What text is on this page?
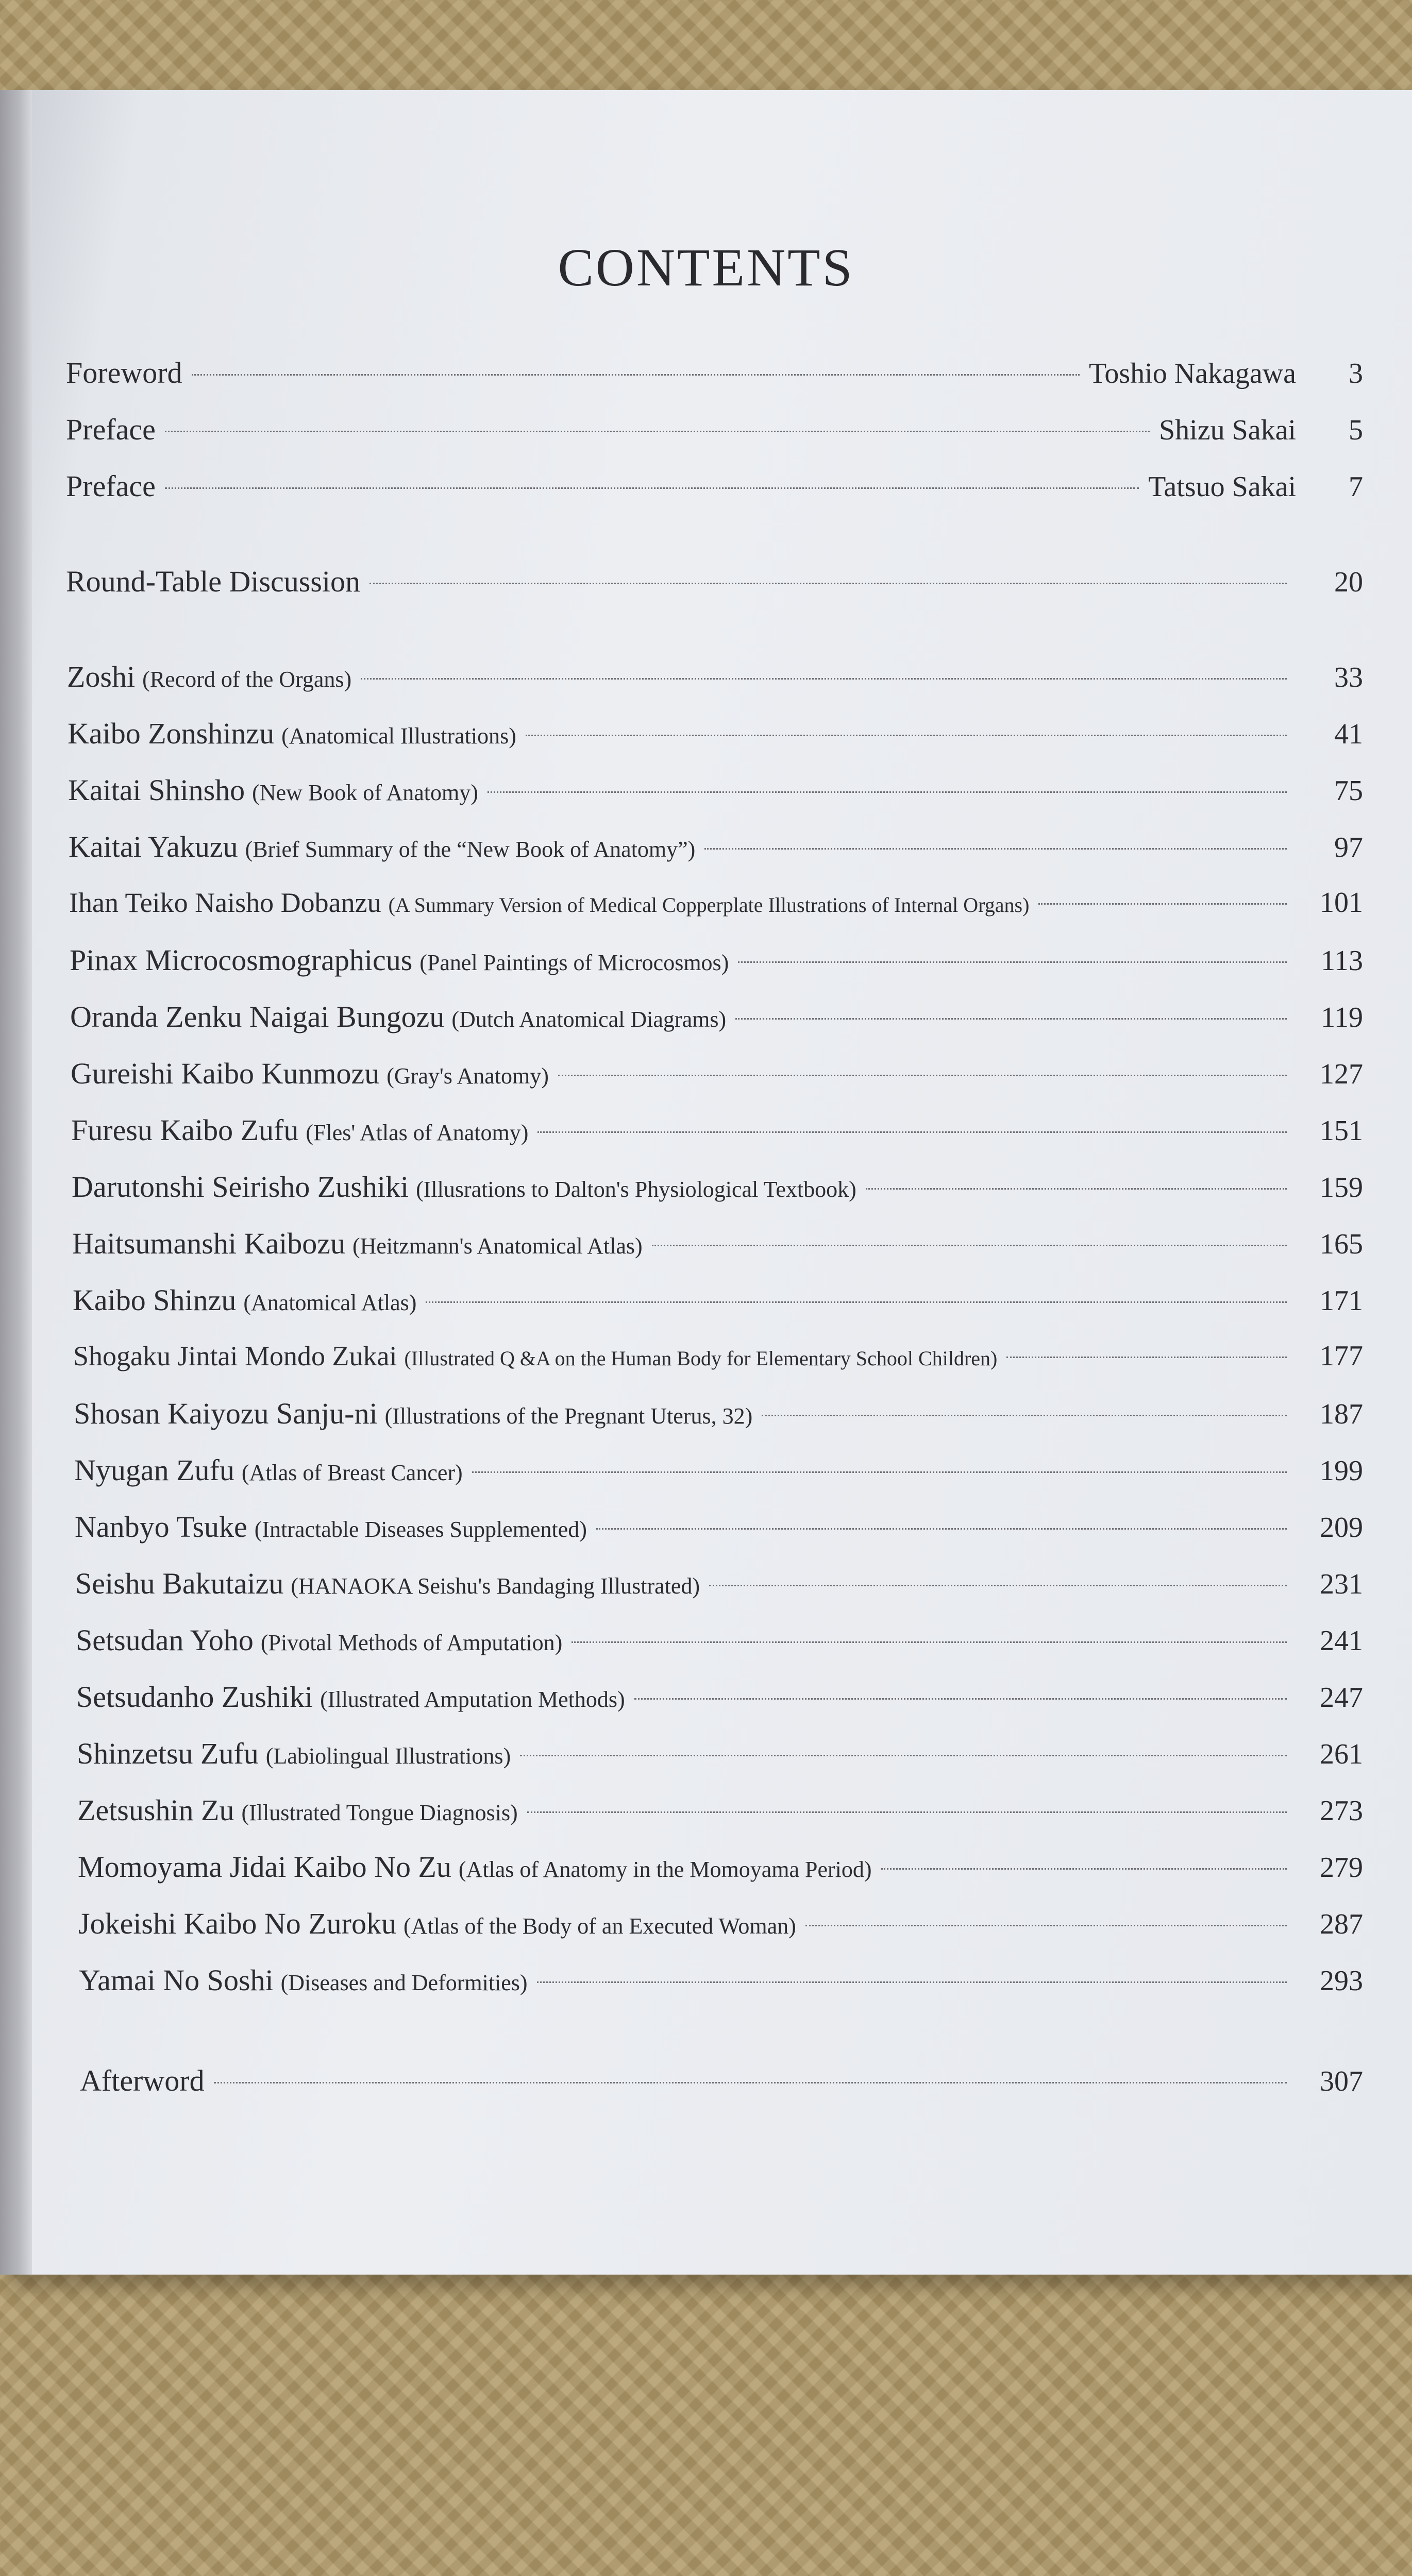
CONTENTS
Foreword	Toshio Nakagawa	3
Preface	Shizu Sakai	5
Preface	Tatsuo Sakai	7
Round-Table Discussion	20
Zoshi (Record of the Organs)	33
Kaibo Zonshinzu (Anatomical Illustrations)	41
Kaitai Shinsho (New Book of Anatomy)	75
Kaitai Yakuzu (Brief Summary of the “New Book of Anatomy”)	97
Ihan Teiko Naisho Dobanzu (A Summary Version of Medical Copperplate Illustrations of Internal Organs)	101
Pinax Microcosmographicus (Panel Paintings of Microcosmos)	113
Oranda Zenku Naigai Bungozu (Dutch Anatomical Diagrams)	119
Gureishi Kaibo Kunmozu (Gray's Anatomy)	127
Furesu Kaibo Zufu (Fles' Atlas of Anatomy)	151
Darutonshi Seirisho Zushiki (Illusrations to Dalton's Physiological Textbook)	159
Haitsumanshi Kaibozu (Heitzmann's Anatomical Atlas)	165
Kaibo Shinzu (Anatomical Atlas)	171
Shogaku Jintai Mondo Zukai (Illustrated Q &A on the Human Body for Elementary School Children)	177
Shosan Kaiyozu Sanju-ni (Illustrations of the Pregnant Uterus, 32)	187
Nyugan Zufu (Atlas of Breast Cancer)	199
Nanbyo Tsuke (Intractable Diseases Supplemented)	209
Seishu Bakutaizu (HANAOKA Seishu's Bandaging Illustrated)	231
Setsudan Yoho (Pivotal Methods of Amputation)	241
Setsudanho Zushiki (Illustrated Amputation Methods)	247
Shinzetsu Zufu (Labiolingual Illustrations)	261
Zetsushin Zu (Illustrated Tongue Diagnosis)	273
Momoyama Jidai Kaibo No Zu (Atlas of Anatomy in the Momoyama Period)	279
Jokeishi Kaibo No Zuroku (Atlas of the Body of an Executed Woman)	287
Yamai No Soshi (Diseases and Deformities)	293
Afterword	307
